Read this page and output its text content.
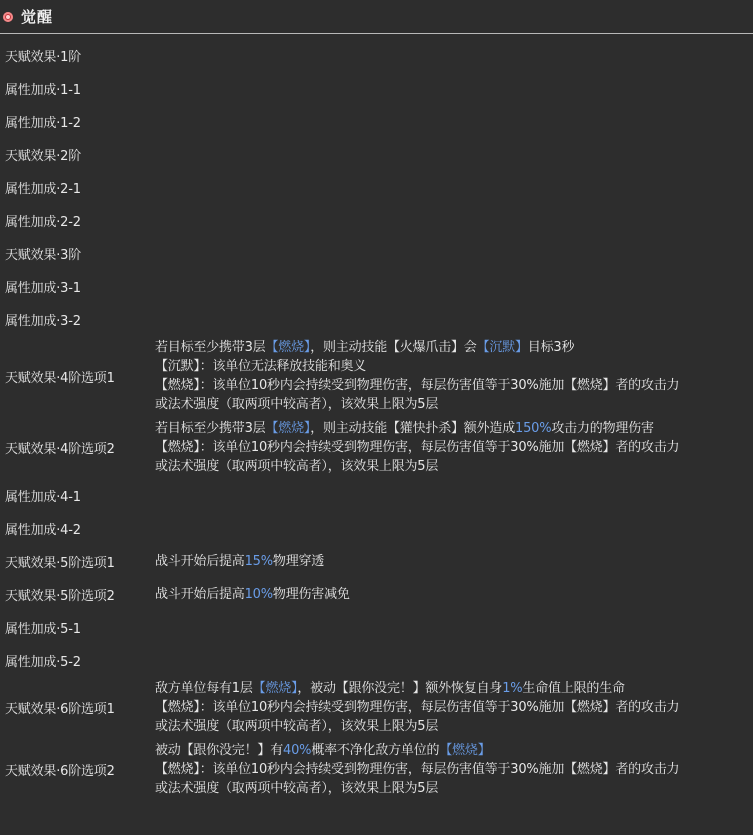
觉醒
天赋效果·1阶
属性加成·1-1
属性加成·1-2
天赋效果·2阶
属性加成·2-1
属性加成·2-2
天赋效果·3阶
属性加成·3-1
属性加成·3-2
天赋效果·4阶选项1
若目标至少携带3层【燃烧】，则主动技能【火爆爪击】会【沉默】目标3秒
【沉默】：该单位无法释放技能和奥义
【燃烧】：该单位10秒内会持续受到物理伤害，每层伤害值等于30%施加【燃烧】者的攻击力
或法术强度（取两项中较高者），该效果上限为5层
天赋效果·4阶选项2
若目标至少携带3层【燃烧】，则主动技能【獾快扑杀】额外造成150%攻击力的物理伤害
【燃烧】：该单位10秒内会持续受到物理伤害，每层伤害值等于30%施加【燃烧】者的攻击力
或法术强度（取两项中较高者），该效果上限为5层
属性加成·4-1
属性加成·4-2
天赋效果·5阶选项1	战斗开始后提高15%物理穿透
天赋效果·5阶选项2	战斗开始后提高10%物理伤害减免
属性加成·5-1
属性加成·5-2
天赋效果·6阶选项1
敌方单位每有1层【燃烧】，被动【跟你没完！】额外恢复自身1%生命值上限的生命
【燃烧】：该单位10秒内会持续受到物理伤害，每层伤害值等于30%施加【燃烧】者的攻击力
或法术强度（取两项中较高者），该效果上限为5层
天赋效果·6阶选项2
被动【跟你没完！】有40%概率不净化敌方单位的【燃烧】
【燃烧】：该单位10秒内会持续受到物理伤害，每层伤害值等于30%施加【燃烧】者的攻击力
或法术强度（取两项中较高者），该效果上限为5层
